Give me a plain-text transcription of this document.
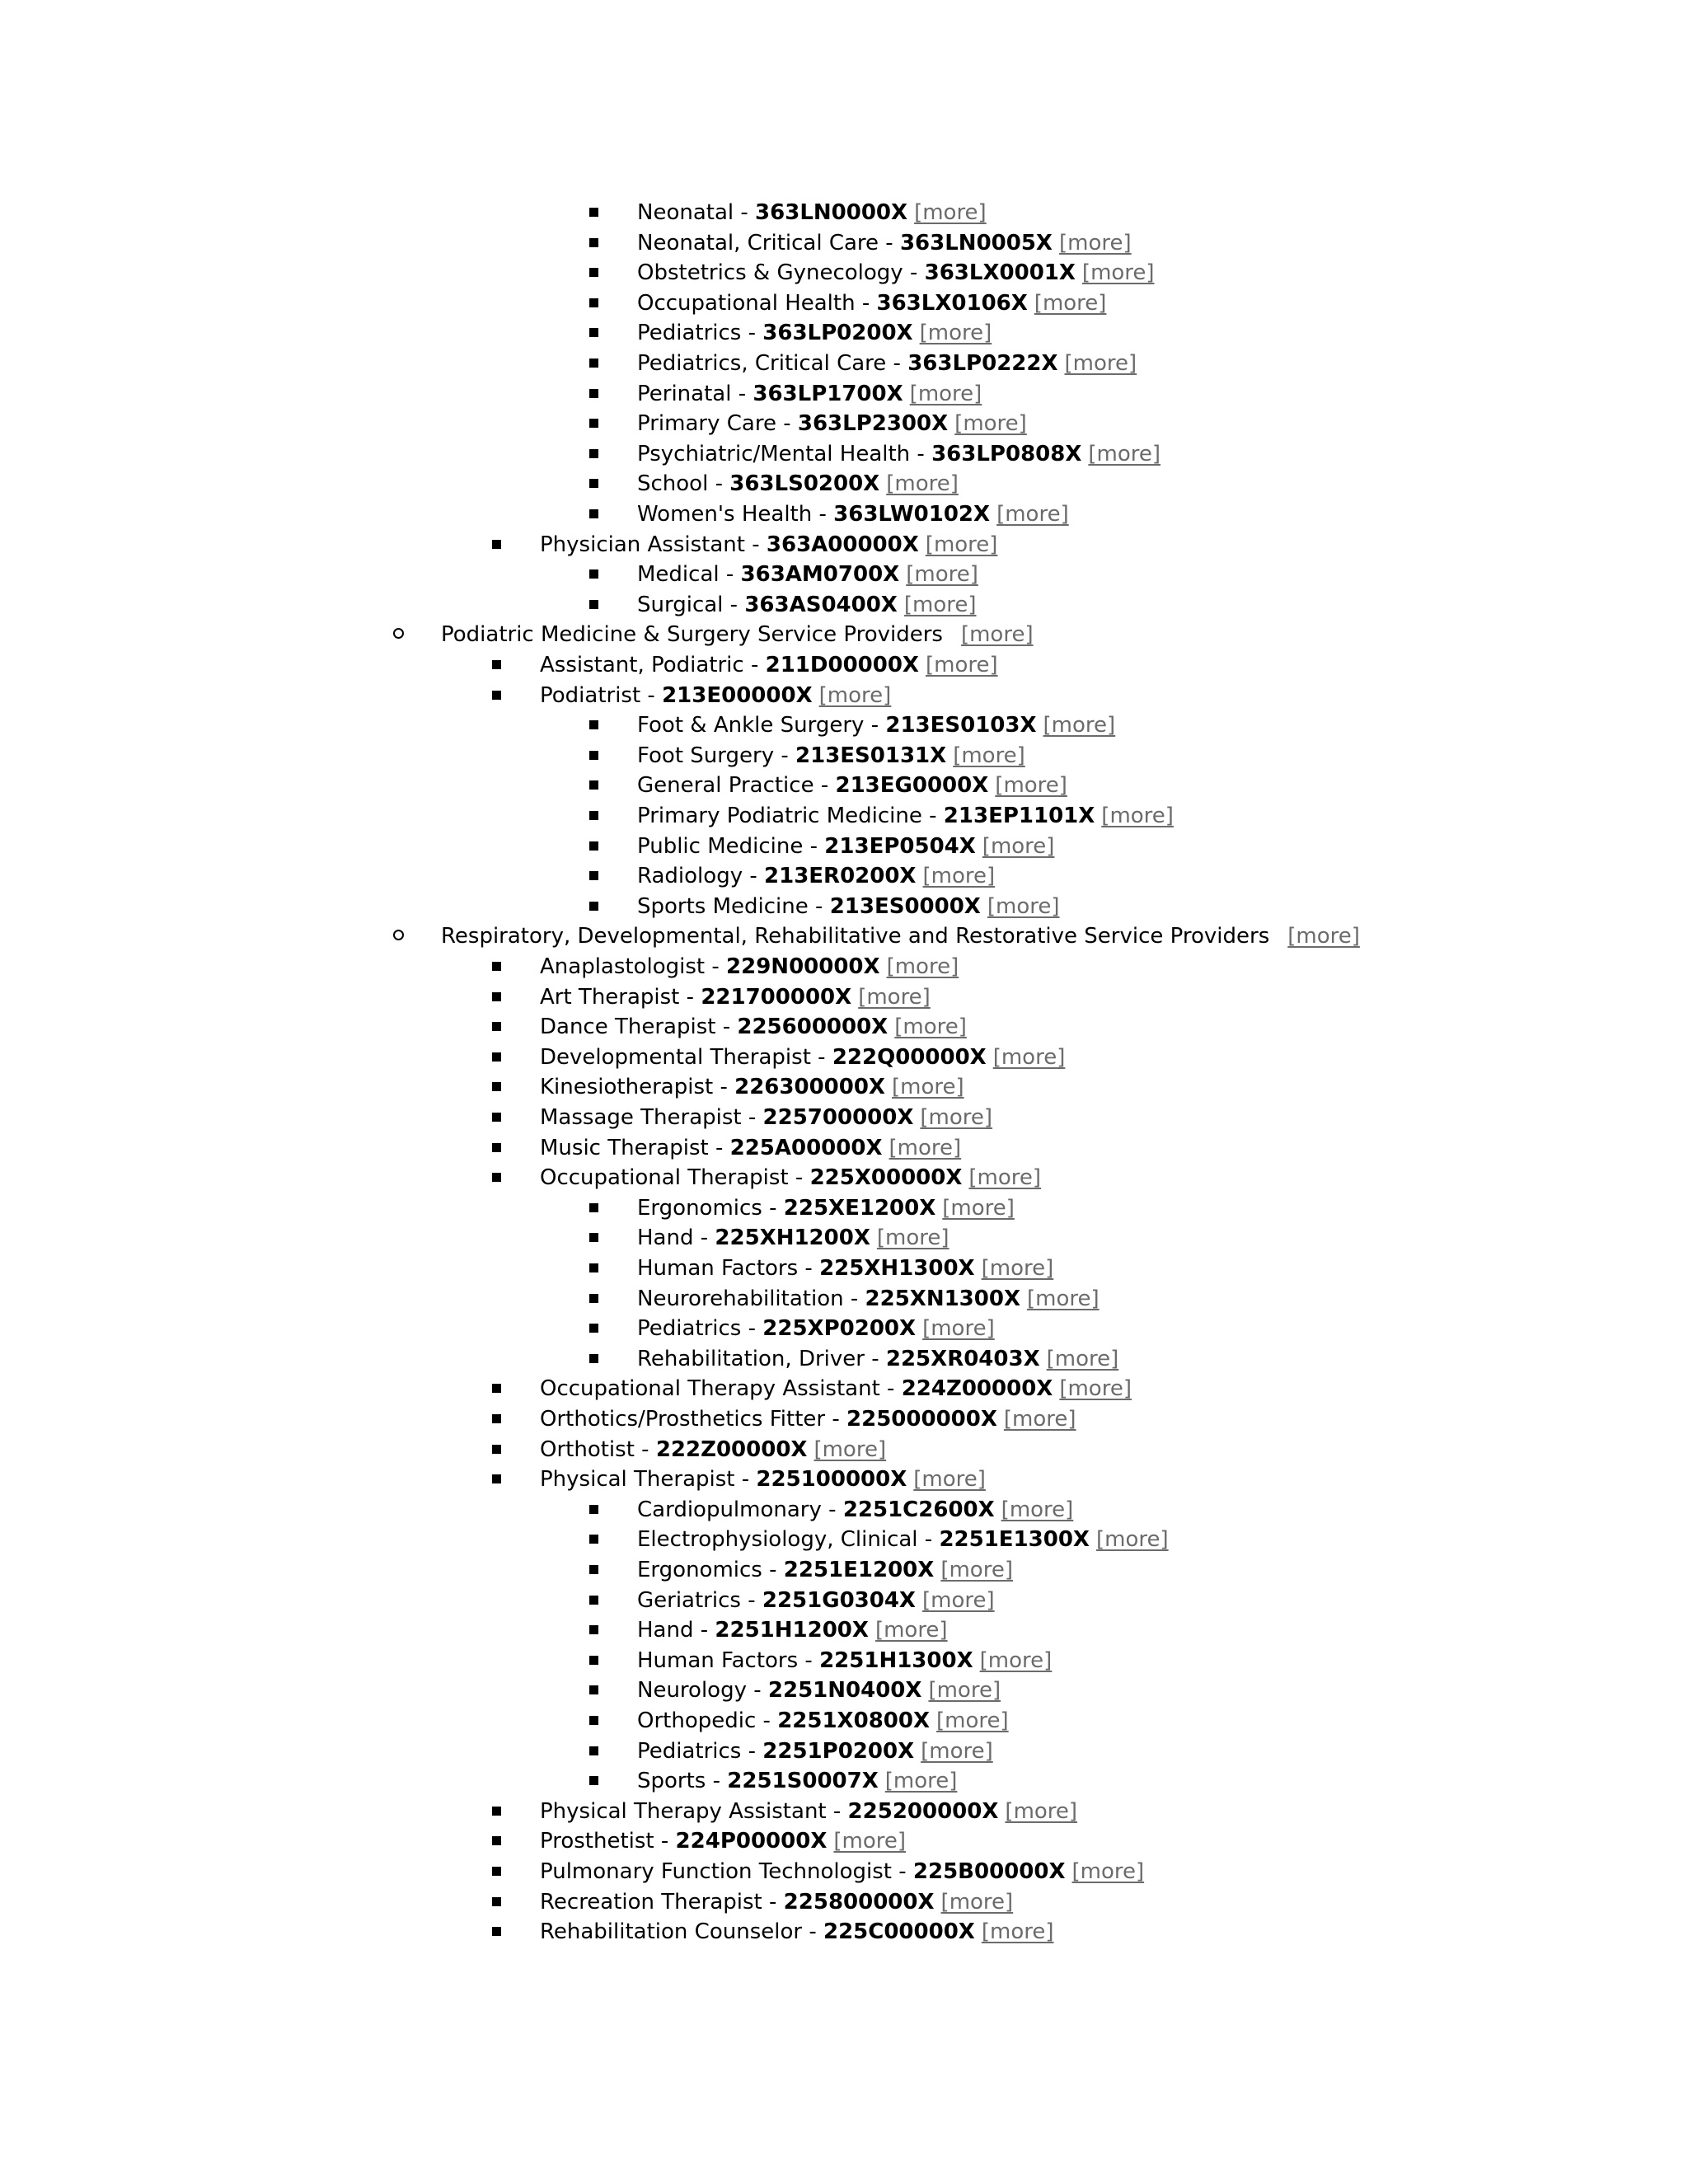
Neonatal - 363LN0000X [more]
Neonatal, Critical Care - 363LN0005X [more]
Obstetrics & Gynecology - 363LX0001X [more]
Occupational Health - 363LX0106X [more]
Pediatrics - 363LP0200X [more]
Pediatrics, Critical Care - 363LP0222X [more]
Perinatal - 363LP1700X [more]
Primary Care - 363LP2300X [more]
Psychiatric/Mental Health - 363LP0808X [more]
School - 363LS0200X [more]
Women's Health - 363LW0102X [more]
Physician Assistant - 363A00000X [more]
Medical - 363AM0700X [more]
Surgical - 363AS0400X [more]
Podiatric Medicine & Surgery Service Providers [more]
Assistant, Podiatric - 211D00000X [more]
Podiatrist - 213E00000X [more]
Foot & Ankle Surgery - 213ES0103X [more]
Foot Surgery - 213ES0131X [more]
General Practice - 213EG0000X [more]
Primary Podiatric Medicine - 213EP1101X [more]
Public Medicine - 213EP0504X [more]
Radiology - 213ER0200X [more]
Sports Medicine - 213ES0000X [more]
Respiratory, Developmental, Rehabilitative and Restorative Service Providers [more]
Anaplastologist - 229N00000X [more]
Art Therapist - 221700000X [more]
Dance Therapist - 225600000X [more]
Developmental Therapist - 222Q00000X [more]
Kinesiotherapist - 226300000X [more]
Massage Therapist - 225700000X [more]
Music Therapist - 225A00000X [more]
Occupational Therapist - 225X00000X [more]
Ergonomics - 225XE1200X [more]
Hand - 225XH1200X [more]
Human Factors - 225XH1300X [more]
Neurorehabilitation - 225XN1300X [more]
Pediatrics - 225XP0200X [more]
Rehabilitation, Driver - 225XR0403X [more]
Occupational Therapy Assistant - 224Z00000X [more]
Orthotics/Prosthetics Fitter - 225000000X [more]
Orthotist - 222Z00000X [more]
Physical Therapist - 225100000X [more]
Cardiopulmonary - 2251C2600X [more]
Electrophysiology, Clinical - 2251E1300X [more]
Ergonomics - 2251E1200X [more]
Geriatrics - 2251G0304X [more]
Hand - 2251H1200X [more]
Human Factors - 2251H1300X [more]
Neurology - 2251N0400X [more]
Orthopedic - 2251X0800X [more]
Pediatrics - 2251P0200X [more]
Sports - 2251S0007X [more]
Physical Therapy Assistant - 225200000X [more]
Prosthetist - 224P00000X [more]
Pulmonary Function Technologist - 225B00000X [more]
Recreation Therapist - 225800000X [more]
Rehabilitation Counselor - 225C00000X [more]
